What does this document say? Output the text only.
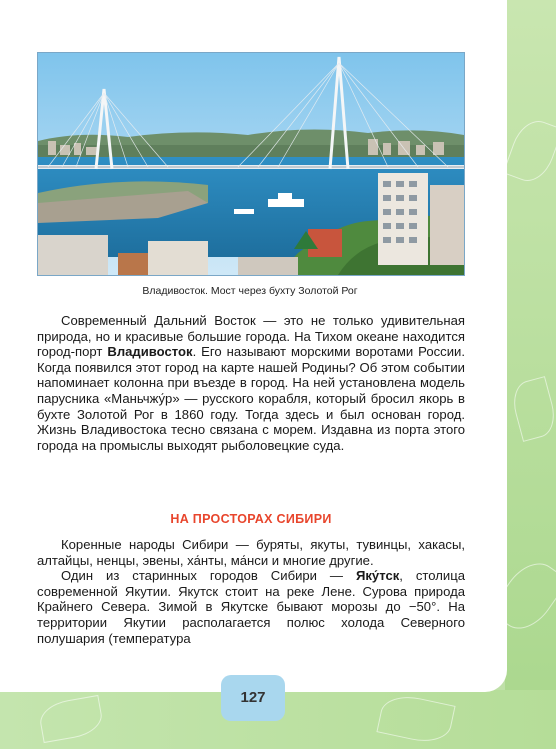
Владивосток. Мост через бухту Золотой Рог

Современный Дальний Восток — это не только удивительная природа, но и красивые большие города. На Тихом океане находится город-порт Владивосток. Его называют морскими воротами России. Когда появился этот город на карте нашей Родины? Об этом событии напоминает колонна при въезде в город. На ней установлена модель парусника «Маньчжу́р» — русского корабля, который бросил якорь в бухте Золотой Рог в 1860 году. Тогда здесь и был основан город. Жизнь Владивостока тесно связана с морем. Издавна из порта этого города на промыслы выходят рыболовецкие суда.

НА ПРОСТОРАХ СИБИРИ

Коренные народы Сибири — буряты, якуты, тувинцы, хакасы, алтайцы, ненцы, эвены, ха́нты, ма́нси и многие другие.

Один из старинных городов Сибири — Яку́тск, столица современной Якутии. Якутск стоит на реке Лене. Сурова природа Крайнего Севера. Зимой в Якутске бывают морозы до −50°. На территории Якутии располагается полюс холода Северного полушария (температура

127
